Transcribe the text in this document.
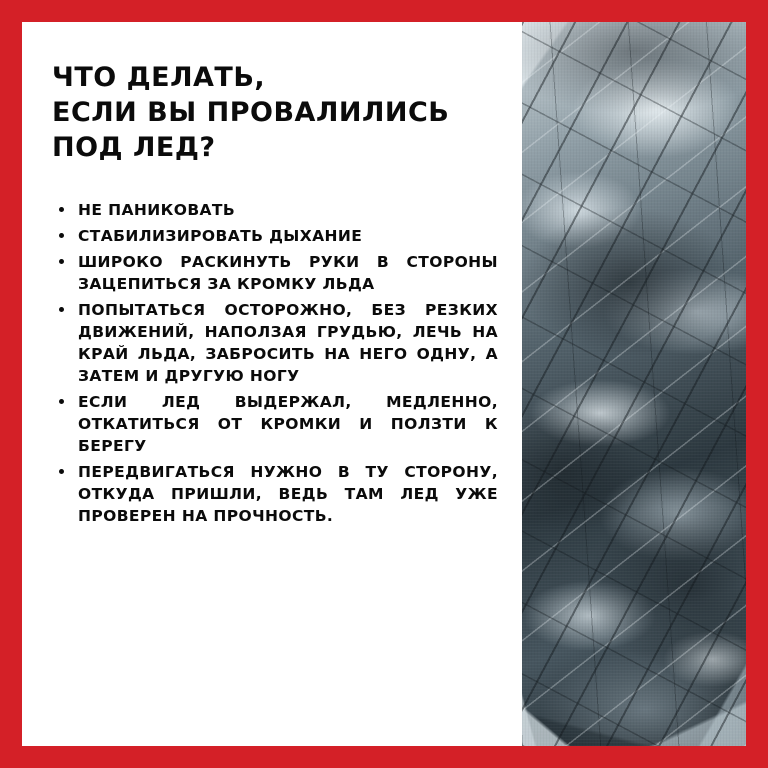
ЧТО ДЕЛАТЬ,
ЕСЛИ ВЫ ПРОВАЛИЛИСЬ
ПОД ЛЕД?
НЕ ПАНИКОВАТЬ
СТАБИЛИЗИРОВАТЬ ДЫХАНИЕ
ШИРОКО РАСКИНУТЬ РУКИ В СТОРОНЫ ЗАЦЕПИТЬСЯ ЗА КРОМКУ ЛЬДА
ПОПЫТАТЬСЯ ОСТОРОЖНО, БЕЗ РЕЗКИХ ДВИЖЕНИЙ, НАПОЛЗАЯ ГРУДЬЮ, ЛЕЧЬ НА КРАЙ ЛЬДА, ЗАБРОСИТЬ НА НЕГО ОДНУ, А ЗАТЕМ И ДРУГУЮ НОГУ
ЕСЛИ ЛЕД ВЫДЕРЖАЛ, МЕДЛЕННО, ОТКАТИТЬСЯ ОТ КРОМКИ И ПОЛЗТИ К БЕРЕГУ
ПЕРЕДВИГАТЬСЯ НУЖНО В ТУ СТОРОНУ, ОТКУДА ПРИШЛИ, ВЕДЬ ТАМ ЛЕД УЖЕ ПРОВЕРЕН НА ПРОЧНОСТЬ.
